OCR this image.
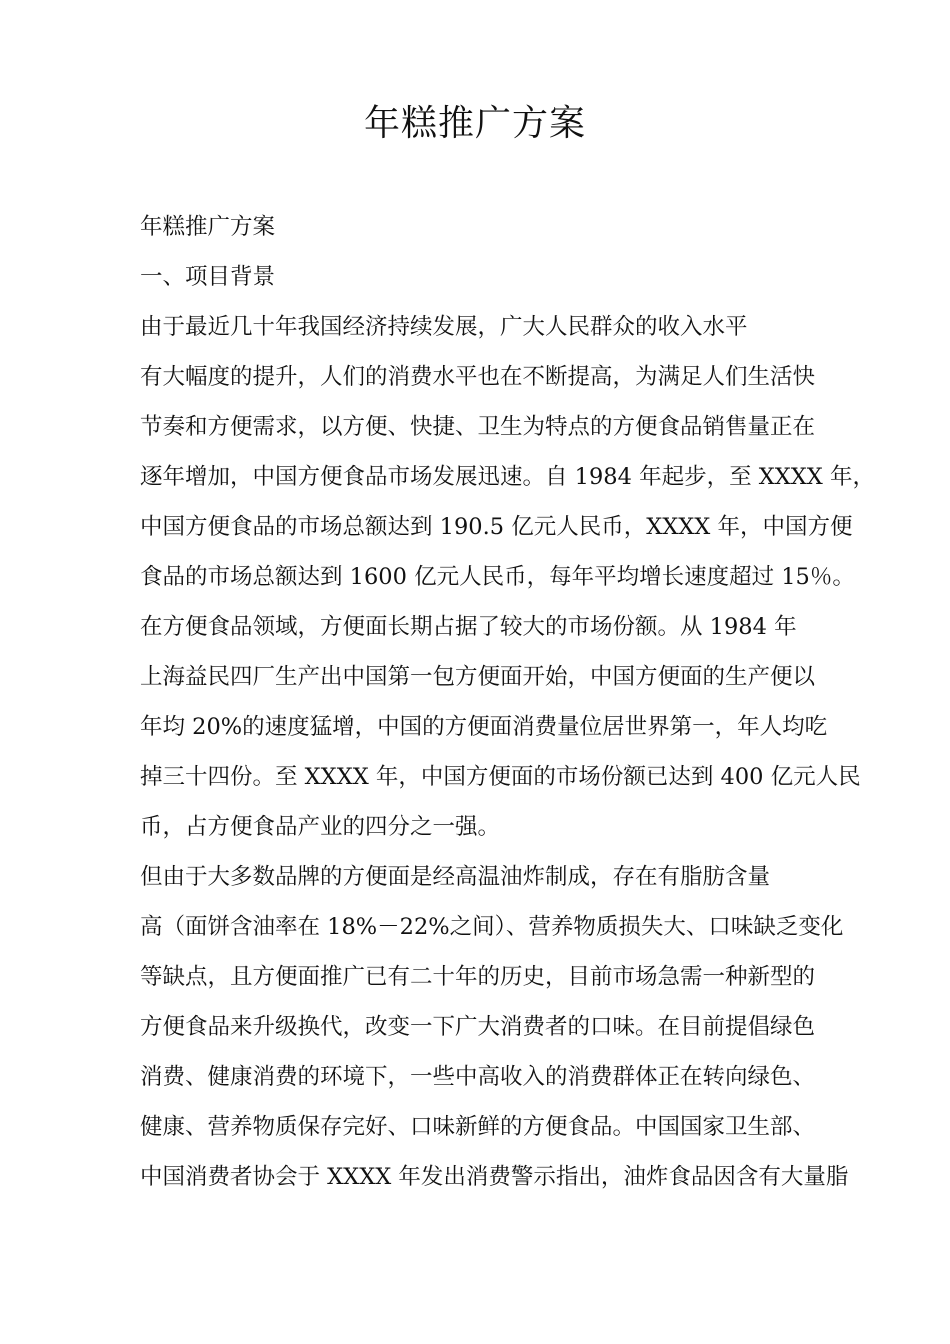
年糕推广方案
年糕推广方案
一、项目背景
由于最近几十年我国经济持续发展，广大人民群众的收入水平
有大幅度的提升，人们的消费水平也在不断提高，为满足人们生活快
节奏和方便需求，以方便、快捷、卫生为特点的方便食品销售量正在
逐年增加，中国方便食品市场发展迅速。自 1984 年起步，至 XXXX 年，
中国方便食品的市场总额达到 190.5 亿元人民币，XXXX 年，中国方便
食品的市场总额达到 1600 亿元人民币，每年平均增长速度超过 15％。
在方便食品领域，方便面长期占据了较大的市场份额。从 1984 年
上海益民四厂生产出中国第一包方便面开始，中国方便面的生产便以
年均 20%的速度猛增，中国的方便面消费量位居世界第一，年人均吃
掉三十四份。至 XXXX 年，中国方便面的市场份额已达到 400 亿元人民
币，占方便食品产业的四分之一强。
但由于大多数品牌的方便面是经高温油炸制成，存在有脂肪含量
高（面饼含油率在 18%－22%之间）、营养物质损失大、口味缺乏变化
等缺点，且方便面推广已有二十年的历史，目前市场急需一种新型的
方便食品来升级换代，改变一下广大消费者的口味。在目前提倡绿色
消费、健康消费的环境下，一些中高收入的消费群体正在转向绿色、
健康、营养物质保存完好、口味新鲜的方便食品。中国国家卫生部、
中国消费者协会于 XXXX 年发出消费警示指出，油炸食品因含有大量脂
